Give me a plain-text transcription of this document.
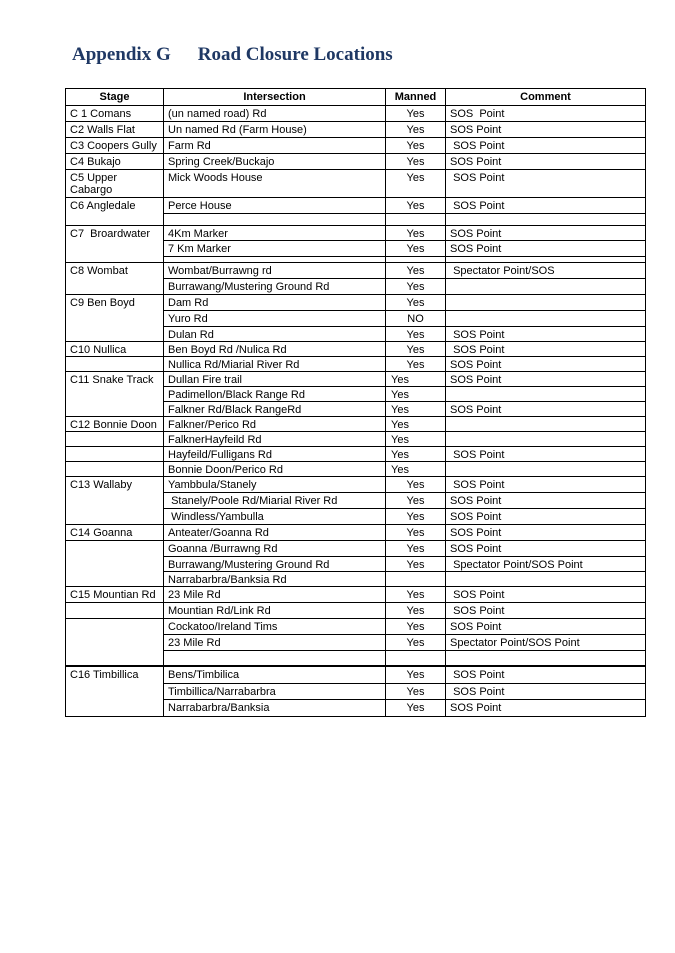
Appendix G Road Closure Locations
Stage	Intersection	Manned	Comment
C 1 Comans	(un named road) Rd	Yes	SOS  Point
C2 Walls Flat	Un named Rd (Farm House)	Yes	SOS Point
C3 Coopers Gully	Farm Rd	Yes	SOS Point
C4 Bukajo	Spring Creek/Buckajo	Yes	SOS Point
C5 Upper Cabargo	Mick Woods House	Yes	SOS Point
C6 Angledale	Perce House	Yes	SOS Point

C7  Broardwater	4Km Marker	Yes	SOS Point
	7 Km Marker	Yes	SOS Point

C8 Wombat	Wombat/Burrawng rd	Yes	Spectator Point/SOS
	Burrawang/Mustering Ground Rd	Yes	
C9 Ben Boyd	Dam Rd	Yes	
	Yuro Rd	NO	
	Dulan Rd	Yes	SOS Point
C10 Nullica	Ben Boyd Rd /Nulica Rd	Yes	SOS Point
	Nullica Rd/Miarial River Rd	Yes	SOS Point
C11 Snake Track	Dullan Fire trail	Yes	SOS Point
	Padimellon/Black Range Rd	Yes	
	Falkner Rd/Black RangeRd	Yes	SOS Point
C12 Bonnie Doon	Falkner/Perico Rd	Yes	
	FalknerHayfeild Rd	Yes	
	Hayfeild/Fulligans Rd	Yes	SOS Point
	Bonnie Doon/Perico Rd	Yes	
C13 Wallaby	Yambbula/Stanely	Yes	SOS Point
	Stanely/Poole Rd/Miarial River Rd	Yes	SOS Point
	Windless/Yambulla	Yes	SOS Point
C14 Goanna	Anteater/Goanna Rd	Yes	SOS Point
	Goanna /Burrawng Rd	Yes	SOS Point
	Burrawang/Mustering Ground Rd	Yes	Spectator Point/SOS Point
	Narrabarbra/Banksia Rd		
C15 Mountian Rd	23 Mile Rd	Yes	SOS Point
	Mountian Rd/Link Rd	Yes	SOS Point
	Cockatoo/Ireland Tims	Yes	SOS Point
	23 Mile Rd	Yes	Spectator Point/SOS Point

C16 Timbillica	Bens/Timbilica	Yes	SOS Point
	Timbillica/Narrabarbra	Yes	SOS Point
	Narrabarbra/Banksia	Yes	SOS Point
